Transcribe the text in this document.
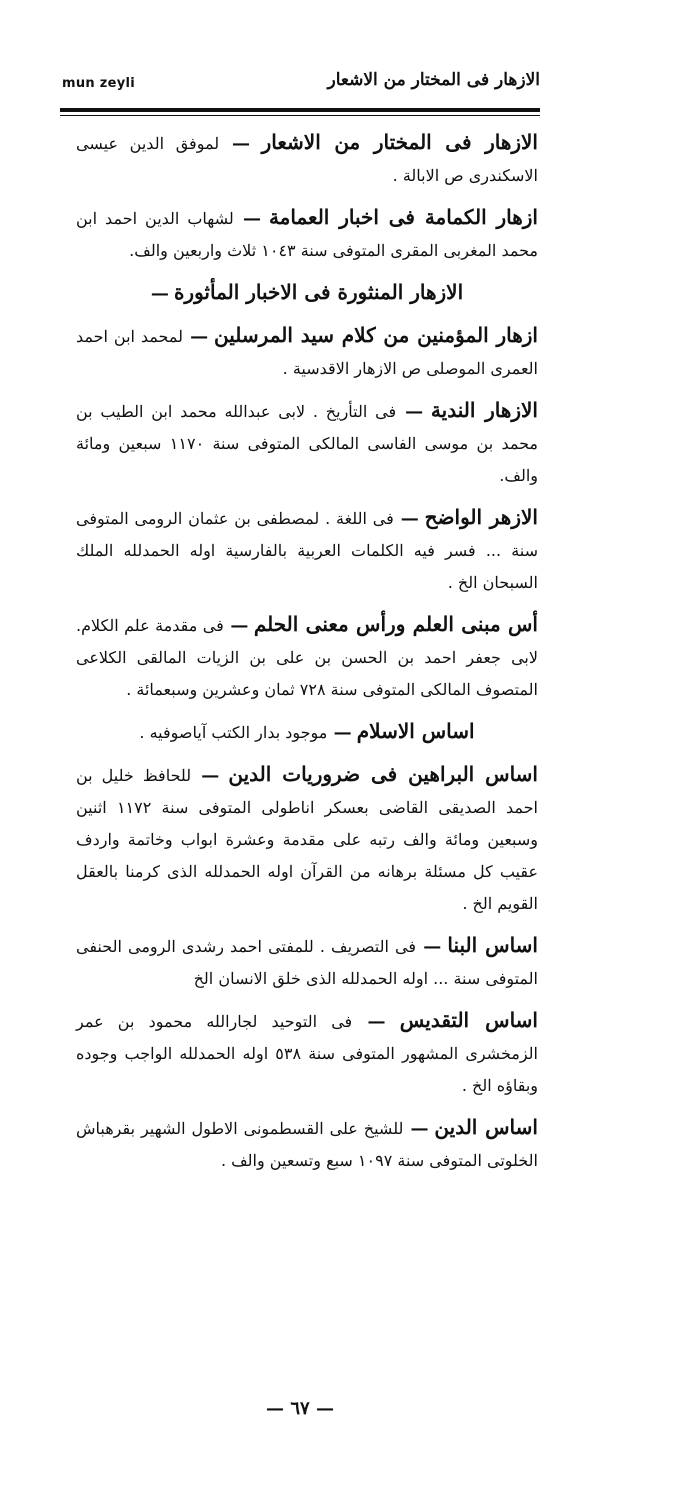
mun zeyli	الازهار فى المختار من الاشعار

الازهار فى المختار من الاشعار — لموفق الدين عيسى الاسكندرى ص الابالة .

ازهار الكمامة فى اخبار العمامة — لشهاب الدين احمد ابن محمد المغربى المقرى المتوفى سنة ١٠٤٣ ثلاث واربعين والف.

الازهار المنثورة فى الاخبار المأثورة —

ازهار المؤمنين من كلام سيد المرسلين — لمحمد ابن احمد العمرى الموصلى ص الازهار الاقدسية .

الازهار الندية — فى التأريخ . لابى عبدالله محمد ابن الطيب بن محمد بن موسى الفاسى المالكى المتوفى سنة ١١٧٠ سبعين ومائة والف.

الازهر الواضح — فى اللغة . لمصطفى بن عثمان الرومى المتوفى سنة ... فسر فيه الكلمات العربية بالفارسية اوله الحمدلله الملك السبحان الخ .

أس مبنى العلم ورأس معنى الحلم — فى مقدمة علم الكلام. لابى جعفر احمد بن الحسن بن على بن الزيات المالقى الكلاعى المتصوف المالكى المتوفى سنة ٧٢٨ ثمان وعشرين وسبعمائة .

اساس الاسلام — موجود بدار الكتب آياصوفيه .

اساس البراهين فى ضروريات الدين — للحافظ خليل بن احمد الصديقى القاضى بعسكر اناطولى المتوفى سنة ١١٧٢ اثنين وسبعين ومائة والف رتبه على مقدمة وعشرة ابواب وخاتمة واردف عقيب كل مسئلة برهانه من القرآن اوله الحمدلله الذى كرمنا بالعقل القويم الخ .

اساس البنا — فى التصريف . للمفتى احمد رشدى الرومى الحنفى المتوفى سنة ... اوله الحمدلله الذى خلق الانسان الخ

اساس التقديس — فى التوحيد لجارالله محمود بن عمر الزمخشرى المشهور المتوفى سنة ٥٣٨ اوله الحمدلله الواجب وجوده وبقاؤه الخ .

اساس الدين — للشيخ على القسطمونى الاطول الشهير بقرهباش الخلوتى المتوفى سنة ١٠٩٧ سبع وتسعين والف .

— ٦٧ —
